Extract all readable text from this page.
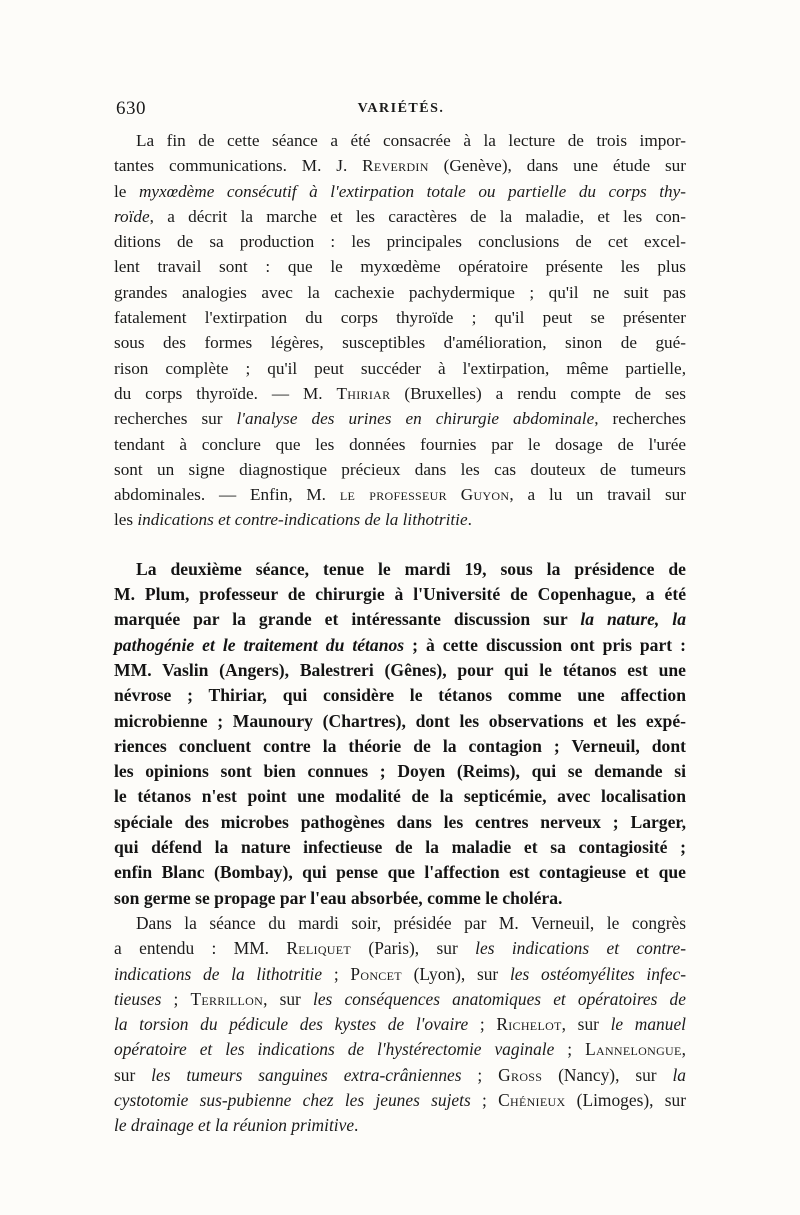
630	VARIÉTÉS.
La fin de cette séance a été consacrée à la lecture de trois impor-
tantes communications. M. J. Reverdin (Genève), dans une étude sur
le myxœdème consécutif à l'extirpation totale ou partielle du corps thy-
roïde, a décrit la marche et les caractères de la maladie, et les con-
ditions de sa production : les principales conclusions de cet excel-
lent travail sont : que le myxœdème opératoire présente les plus
grandes analogies avec la cachexie pachydermique ; qu'il ne suit pas
fatalement l'extirpation du corps thyroïde ; qu'il peut se présenter
sous des formes légères, susceptibles d'amélioration, sinon de gué-
rison complète ; qu'il peut succéder à l'extirpation, même partielle,
du corps thyroïde. — M. Thiriar (Bruxelles) a rendu compte de ses
recherches sur l'analyse des urines en chirurgie abdominale, recherches
tendant à conclure que les données fournies par le dosage de l'urée
sont un signe diagnostique précieux dans les cas douteux de tumeurs
abdominales. — Enfin, M. le professeur Guyon, a lu un travail sur
les indications et contre-indications de la lithotritie.
La deuxième séance, tenue le mardi 19, sous la présidence de
M. Plum, professeur de chirurgie à l'Université de Copenhague, a été
marquée par la grande et intéressante discussion sur la nature, la
pathogénie et le traitement du tétanos ; à cette discussion ont pris part :
MM. Vaslin (Angers), Balestreri (Gênes), pour qui le tétanos est une
névrose ; Thiriar, qui considère le tétanos comme une affection
microbienne ; Maunoury (Chartres), dont les observations et les expé-
riences concluent contre la théorie de la contagion ; Verneuil, dont
les opinions sont bien connues ; Doyen (Reims), qui se demande si
le tétanos n'est point une modalité de la septicémie, avec localisation
spéciale des microbes pathogènes dans les centres nerveux ; Larger,
qui défend la nature infectieuse de la maladie et sa contagiosité ;
enfin Blanc (Bombay), qui pense que l'affection est contagieuse et que
son germe se propage par l'eau absorbée, comme le choléra.
Dans la séance du mardi soir, présidée par M. Verneuil, le congrès
a entendu : MM. Reliquet (Paris), sur les indications et contre-
indications de la lithotritie ; Poncet (Lyon), sur les ostéomyélites infec-
tieuses ; Terrillon, sur les conséquences anatomiques et opératoires de
la torsion du pédicule des kystes de l'ovaire ; Richelot, sur le manuel
opératoire et les indications de l'hystérectomie vaginale ; Lannelongue,
sur les tumeurs sanguines extra-crâniennes ; Gross (Nancy), sur la
cystotomie sus-pubienne chez les jeunes sujets ; Chénieux (Limoges), sur
le drainage et la réunion primitive.
